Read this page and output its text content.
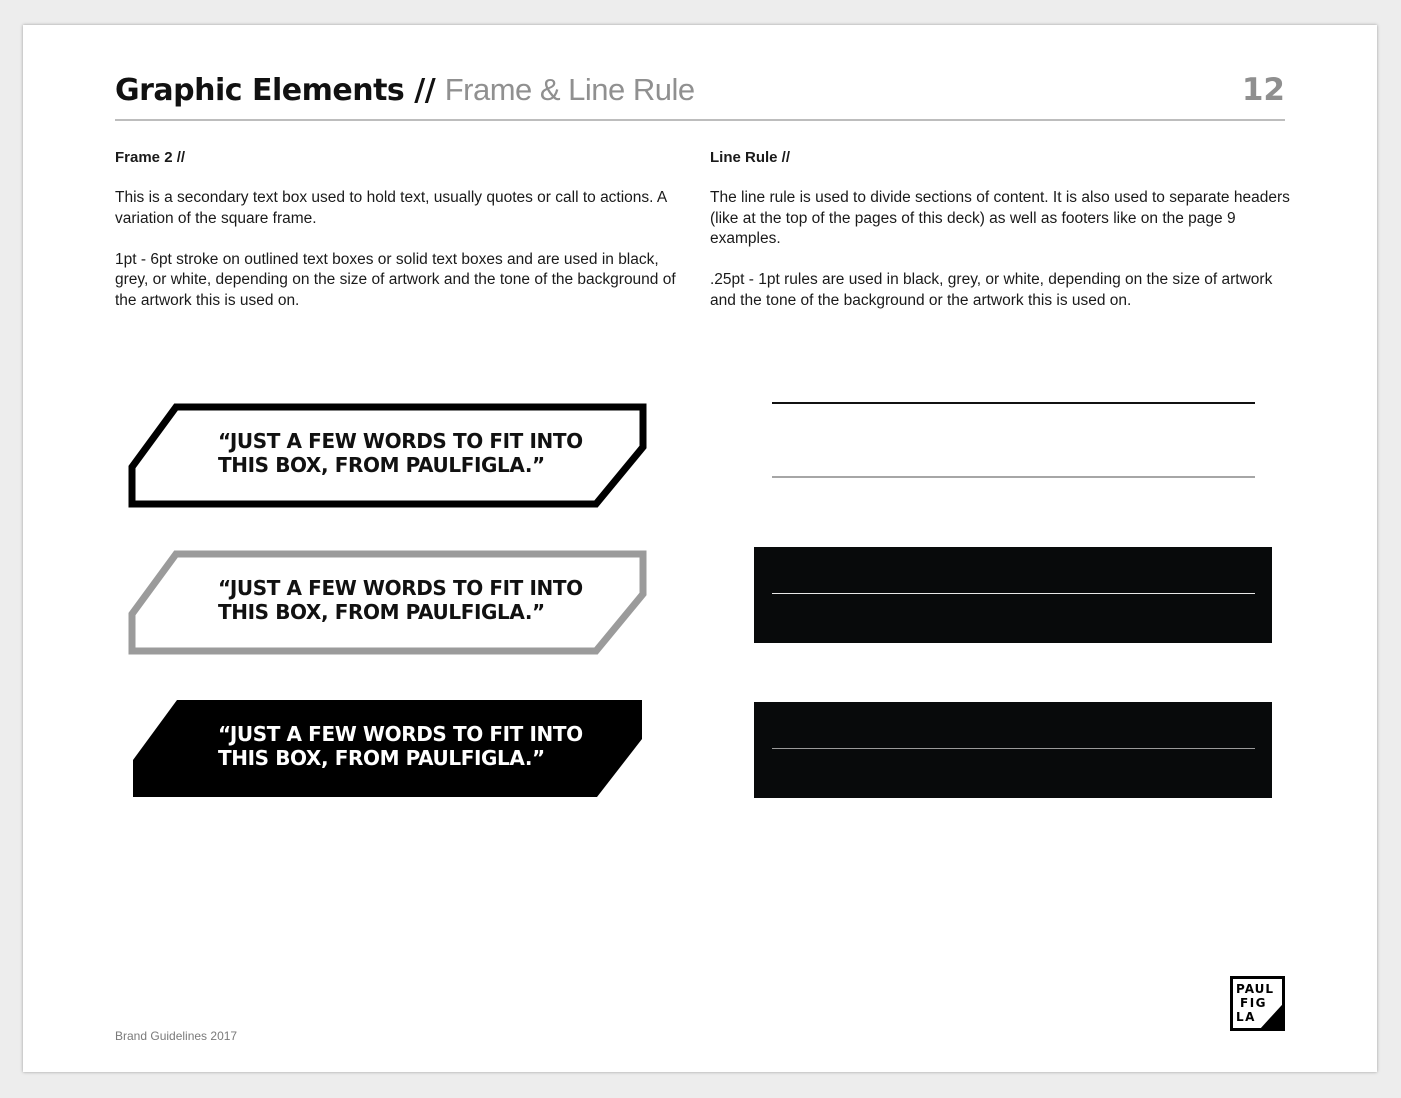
Graphic Elements // Frame & Line Rule	12
Frame 2 //

This is a secondary text box used to hold text, usually quotes or call to actions. A variation of the square frame.

1pt - 6pt stroke on outlined text boxes or solid text boxes and are used in black, grey, or white, depending on the size of artwork and the tone of the background of the artwork this is used on.

Line Rule //

The line rule is used to divide sections of content. It is also used to separate headers (like at the top of the pages of this deck) as well as footers like on the page 9 examples.

.25pt - 1pt rules are used in black, grey, or white, depending on the size of artwork and the tone of the background or the artwork this is used on.

“JUST A FEW WORDS TO FIT INTO
THIS BOX, FROM PAULFIGLA.”
“JUST A FEW WORDS TO FIT INTO
THIS BOX, FROM PAULFIGLA.”
“JUST A FEW WORDS TO FIT INTO
THIS BOX, FROM PAULFIGLA.”
Brand Guidelines 2017
PAUL
FIG
LA
